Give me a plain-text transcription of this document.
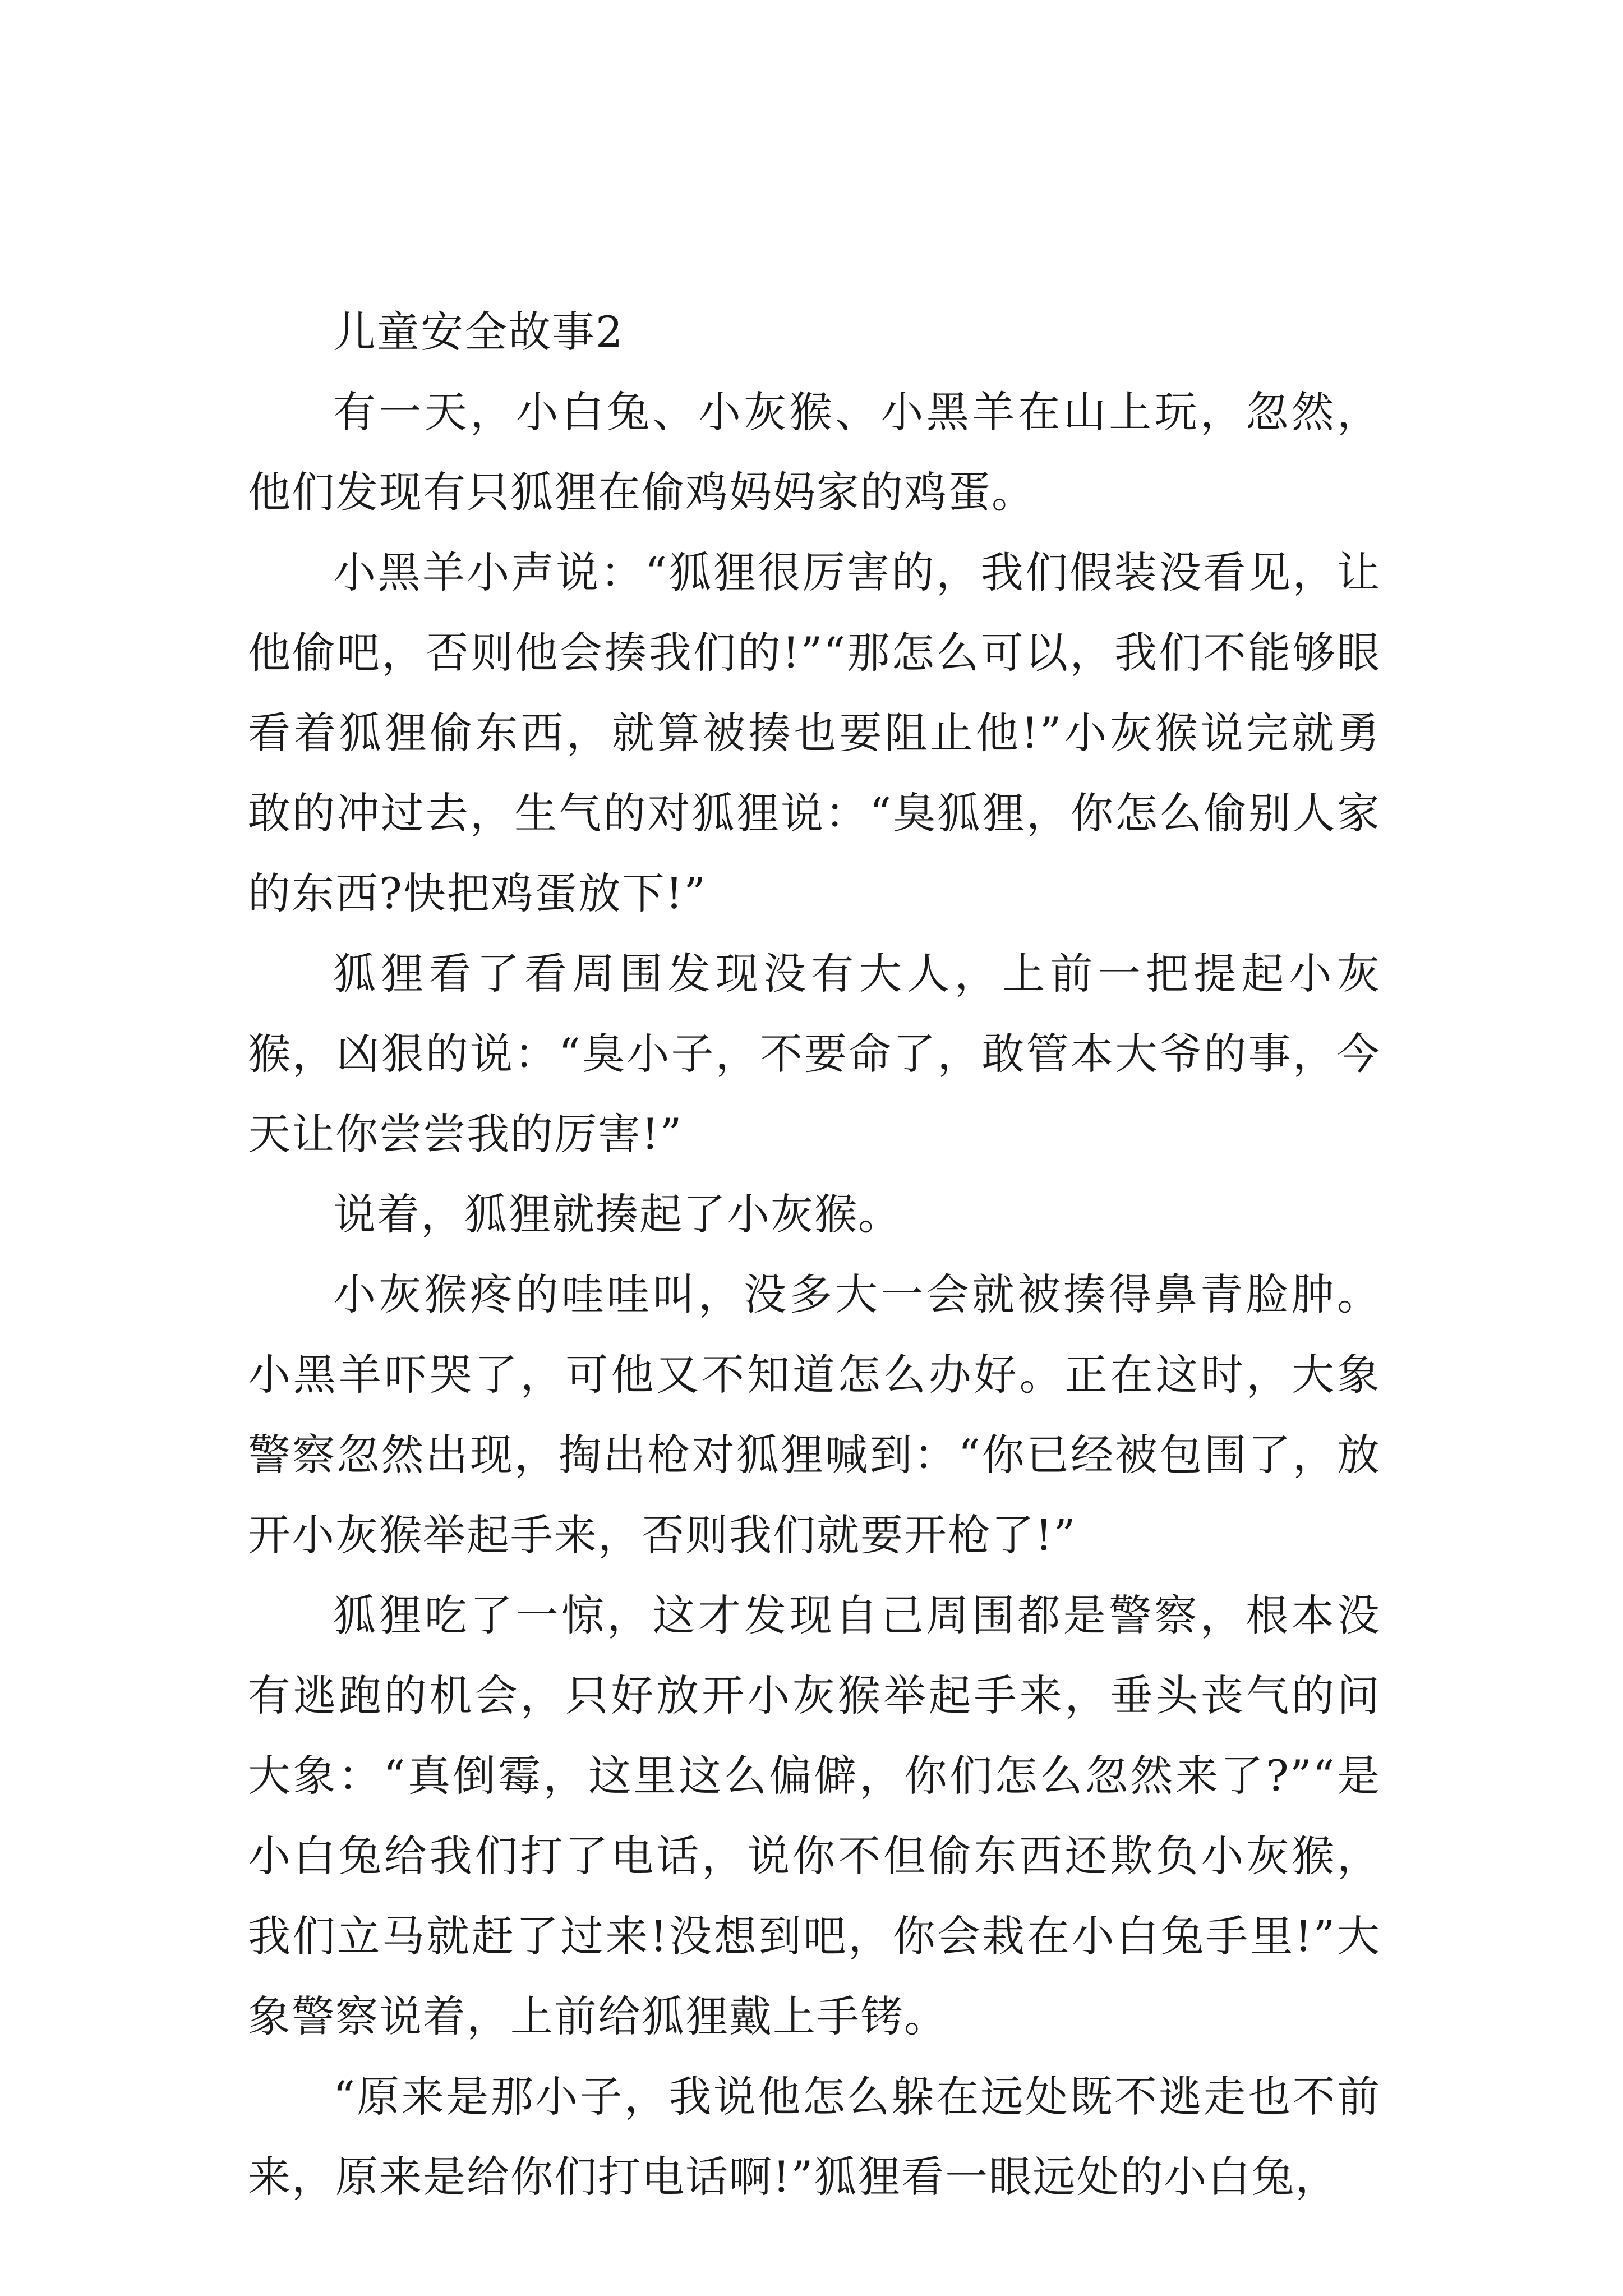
儿童安全故事2

有一天，小白兔、小灰猴、小黑羊在山上玩，忽然，他们发现有只狐狸在偷鸡妈妈家的鸡蛋。

小黑羊小声说：“狐狸很厉害的，我们假装没看见，让他偷吧，否则他会揍我们的!”“那怎么可以，我们不能够眼看着狐狸偷东西，就算被揍也要阻止他!”小灰猴说完就勇敢的冲过去，生气的对狐狸说：“臭狐狸，你怎么偷别人家的东西?快把鸡蛋放下!”

狐狸看了看周围发现没有大人，上前一把提起小灰猴，凶狠的说：“臭小子，不要命了，敢管本大爷的事，今天让你尝尝我的厉害!”

说着，狐狸就揍起了小灰猴。

小灰猴疼的哇哇叫，没多大一会就被揍得鼻青脸肿。小黑羊吓哭了，可他又不知道怎么办好。正在这时，大象警察忽然出现，掏出枪对狐狸喊到：“你已经被包围了，放开小灰猴举起手来，否则我们就要开枪了!”

狐狸吃了一惊，这才发现自己周围都是警察，根本没有逃跑的机会，只好放开小灰猴举起手来，垂头丧气的问大象：“真倒霉，这里这么偏僻，你们怎么忽然来了?”“是小白兔给我们打了电话，说你不但偷东西还欺负小灰猴，我们立马就赶了过来!没想到吧，你会栽在小白兔手里!”大象警察说着，上前给狐狸戴上手铐。

“原来是那小子，我说他怎么躲在远处既不逃走也不前来，原来是给你们打电话啊!”狐狸看一眼远处的小白兔，
